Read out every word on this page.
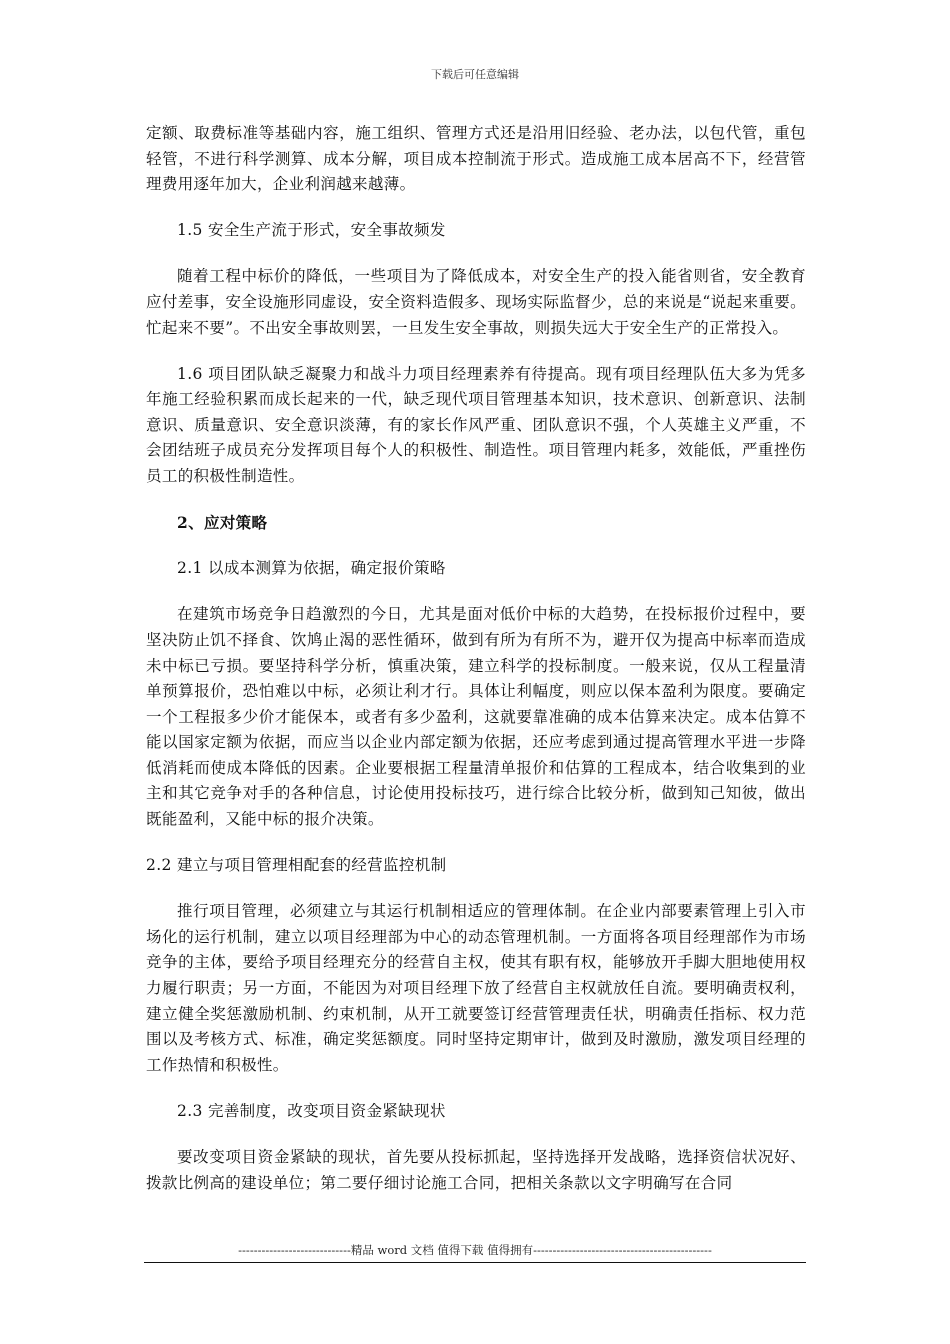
下载后可任意编辑

定额、取费标准等基础内容，施工组织、管理方式还是沿用旧经验、老办法，以包代管，重包轻管，不进行科学测算、成本分解，项目成本控制流于形式。造成施工成本居高不下，经营管理费用逐年加大，企业利润越来越薄。

1.5 安全生产流于形式，安全事故频发

随着工程中标价的降低，一些项目为了降低成本，对安全生产的投入能省则省，安全教育应付差事，安全设施形同虚设，安全资料造假多、现场实际监督少，总的来说是“说起来重要。忙起来不要”。不出安全事故则罢，一旦发生安全事故，则损失远大于安全生产的正常投入。

1.6 项目团队缺乏凝聚力和战斗力项目经理素养有待提高。现有项目经理队伍大多为凭多年施工经验积累而成长起来的一代，缺乏现代项目管理基本知识，技术意识、创新意识、法制意识、质量意识、安全意识淡薄，有的家长作风严重、团队意识不强，个人英雄主义严重，不会团结班子成员充分发挥项目每个人的积极性、制造性。项目管理内耗多，效能低，严重挫伤员工的积极性制造性。

2、应对策略

2.1 以成本测算为依据，确定报价策略

在建筑市场竞争日趋激烈的今日，尤其是面对低价中标的大趋势，在投标报价过程中，要坚决防止饥不择食、饮鸠止渴的恶性循环，做到有所为有所不为，避开仅为提高中标率而造成未中标已亏损。要坚持科学分析，慎重决策，建立科学的投标制度。一般来说，仅从工程量清单预算报价，恐怕难以中标，必须让利才行。具体让利幅度，则应以保本盈利为限度。要确定一个工程报多少价才能保本，或者有多少盈利，这就要靠准确的成本估算来决定。成本估算不能以国家定额为依据，而应当以企业内部定额为依据，还应考虑到通过提高管理水平进一步降低消耗而使成本降低的因素。企业要根据工程量清单报价和估算的工程成本，结合收集到的业主和其它竞争对手的各种信息，讨论使用投标技巧，进行综合比较分析，做到知己知彼，做出既能盈利，又能中标的报介决策。

2.2 建立与项目管理相配套的经营监控机制

推行项目管理，必须建立与其运行机制相适应的管理体制。在企业内部要素管理上引入市场化的运行机制，建立以项目经理部为中心的动态管理机制。一方面将各项目经理部作为市场竞争的主体，要给予项目经理充分的经营自主权，使其有职有权，能够放开手脚大胆地使用权力履行职责；另一方面，不能因为对项目经理下放了经营自主权就放任自流。要明确责权利，建立健全奖惩激励机制、约束机制，从开工就要签订经营管理责任状，明确责任指标、权力范围以及考核方式、标准，确定奖惩额度。同时坚持定期审计，做到及时激励，激发项目经理的工作热情和积极性。

2.3 完善制度，改变项目资金紧缺现状

要改变项目资金紧缺的现状，首先要从投标抓起，坚持选择开发战略，选择资信状况好、拨款比例高的建设单位；第二要仔细讨论施工合同，把相关条款以文字明确写在合同

-----------------------------精品 word 文档 值得下载 值得拥有----------------------------------------------
